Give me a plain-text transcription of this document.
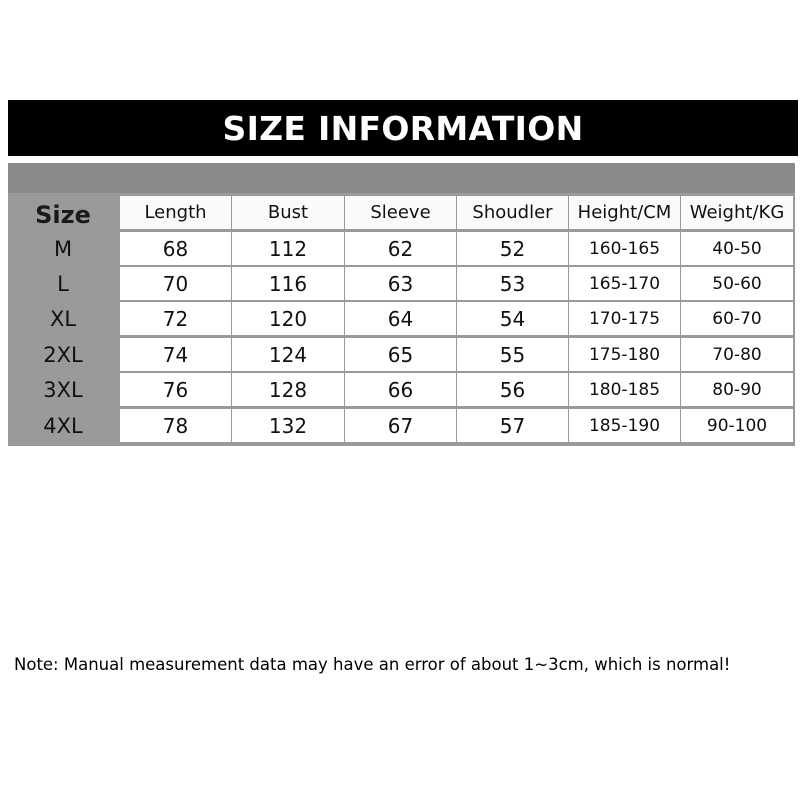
SIZE INFORMATION
Size	Length	Bust	Sleeve	Shoudler	Height/CM	Weight/KG
M	68	112	62	52	160-165	40-50
L	70	116	63	53	165-170	50-60
XL	72	120	64	54	170-175	60-70
2XL	74	124	65	55	175-180	70-80
3XL	76	128	66	56	180-185	80-90
4XL	78	132	67	57	185-190	90-100
Note: Manual measurement data may have an error of about 1~3cm, which is normal!
